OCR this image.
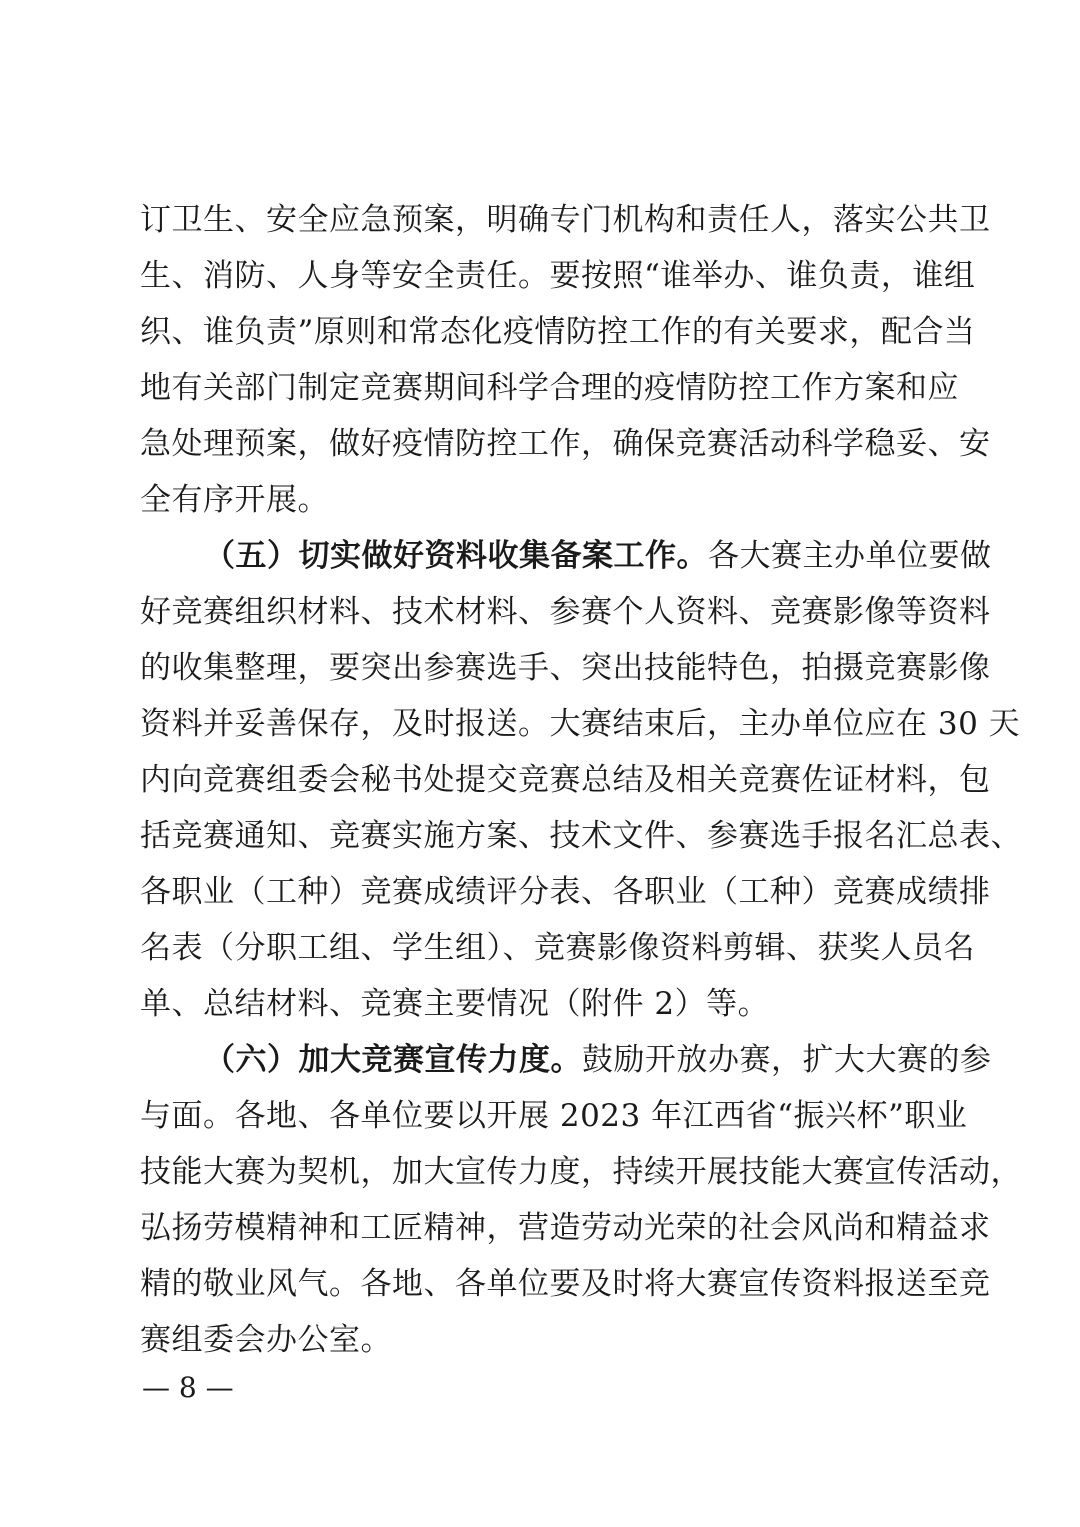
订卫生、安全应急预案，明确专门机构和责任人，落实公共卫
生、消防、人身等安全责任。要按照“谁举办、谁负责，谁组
织、谁负责”原则和常态化疫情防控工作的有关要求，配合当
地有关部门制定竞赛期间科学合理的疫情防控工作方案和应
急处理预案，做好疫情防控工作，确保竞赛活动科学稳妥、安
全有序开展。
（五）切实做好资料收集备案工作。各大赛主办单位要做
好竞赛组织材料、技术材料、参赛个人资料、竞赛影像等资料
的收集整理，要突出参赛选手、突出技能特色，拍摄竞赛影像
资料并妥善保存，及时报送。大赛结束后，主办单位应在 30 天
内向竞赛组委会秘书处提交竞赛总结及相关竞赛佐证材料，包
括竞赛通知、竞赛实施方案、技术文件、参赛选手报名汇总表、
各职业（工种）竞赛成绩评分表、各职业（工种）竞赛成绩排
名表（分职工组、学生组）、竞赛影像资料剪辑、获奖人员名
单、总结材料、竞赛主要情况（附件 2）等。
（六）加大竞赛宣传力度。鼓励开放办赛，扩大大赛的参
与面。各地、各单位要以开展 2023 年江西省“振兴杯”职业
技能大赛为契机，加大宣传力度，持续开展技能大赛宣传活动，
弘扬劳模精神和工匠精神，营造劳动光荣的社会风尚和精益求
精的敬业风气。各地、各单位要及时将大赛宣传资料报送至竞
赛组委会办公室。
— 8 —
